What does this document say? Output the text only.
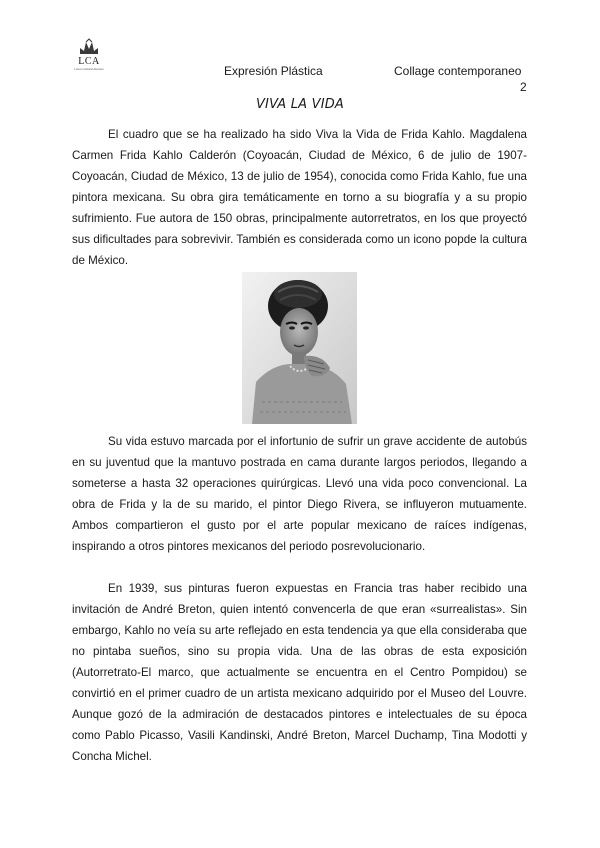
LCA
Liceo Cultural Aleman	Expresión Plástica	Collage contemporaneo
2
VIVA LA VIDA

El cuadro que se ha realizado ha sido Viva la Vida de Frida Kahlo. Magdalena Carmen Frida Kahlo Calderón (Coyoacán, Ciudad de México, 6 de julio de 1907-Coyoacán, Ciudad de México, 13 de julio de 1954), conocida como Frida Kahlo, fue una pintora mexicana. Su obra gira temáticamente en torno a su biografía y a su propio sufrimiento. Fue autora de 150 obras, principalmente autorretratos, en los que proyectó sus dificultades para sobrevivir. También es considerada como un icono popde la cultura de México.

Su vida estuvo marcada por el infortunio de sufrir un grave accidente de autobús en su juventud que la mantuvo postrada en cama durante largos periodos, llegando a someterse a hasta 32 operaciones quirúrgicas. Llevó una vida poco convencional. La obra de Frida y la de su marido, el pintor Diego Rivera, se influyeron mutuamente. Ambos compartieron el gusto por el arte popular mexicano de raíces indígenas, inspirando a otros pintores mexicanos del periodo posrevolucionario.

En 1939, sus pinturas fueron expuestas en Francia tras haber recibido una invitación de André Breton, quien intentó convencerla de que eran «surrealistas». Sin embargo, Kahlo no veía su arte reflejado en esta tendencia ya que ella consideraba que no pintaba sueños, sino su propia vida. Una de las obras de esta exposición (Autorretrato-El marco, que actualmente se encuentra en el Centro Pompidou) se convirtió en el primer cuadro de un artista mexicano adquirido por el Museo del Louvre. Aunque gozó de la admiración de destacados pintores e intelectuales de su época como Pablo Picasso, Vasili Kandinski, André Breton, Marcel Duchamp, Tina Modotti y Concha Michel.
